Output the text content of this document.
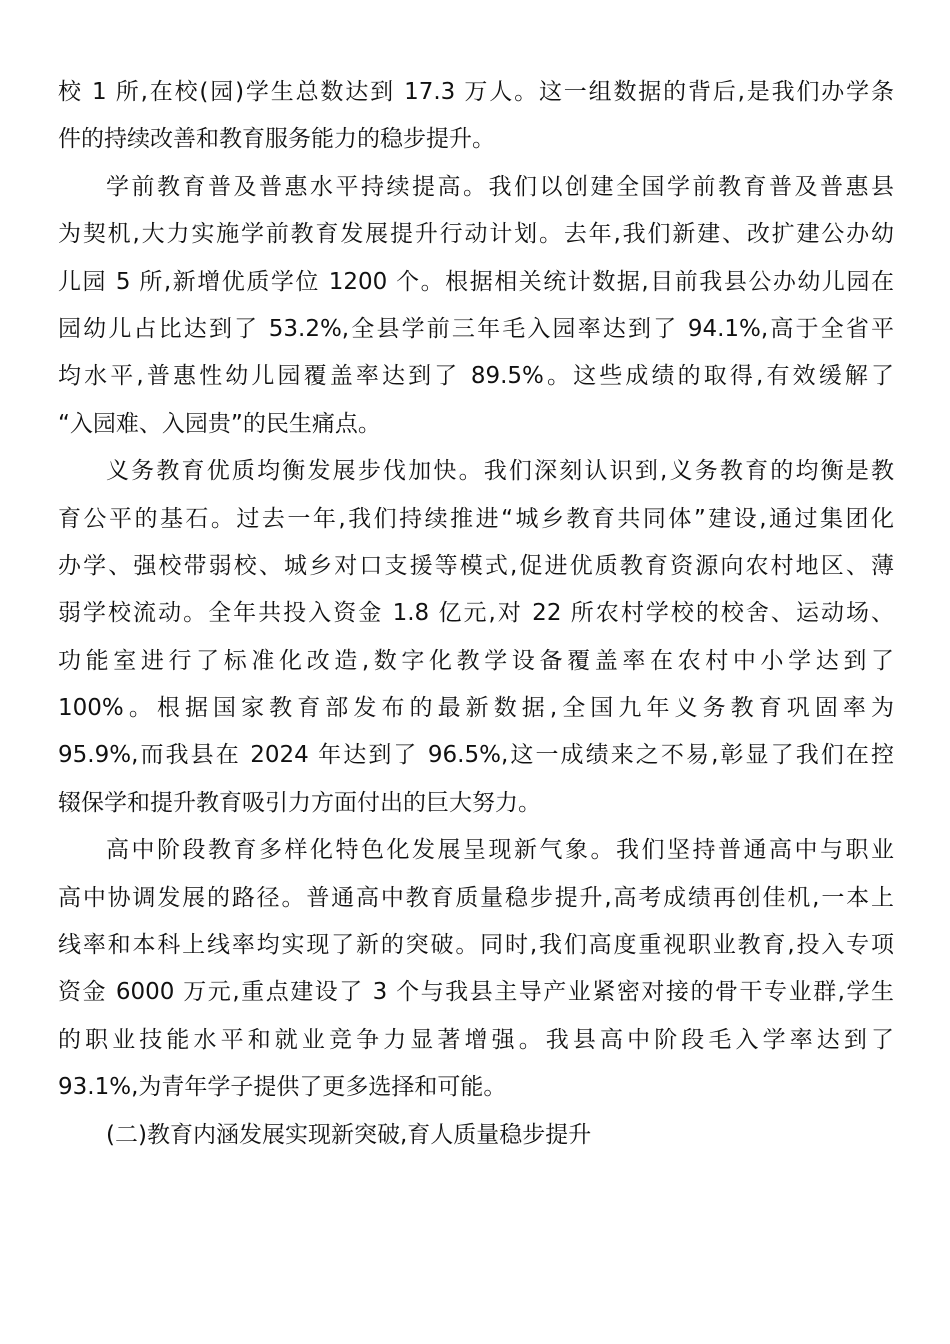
校 1 所,在校(园)学生总数达到 17.3 万人。这一组数据的背后,是我们办学条
件的持续改善和教育服务能力的稳步提升。
学前教育普及普惠水平持续提高。我们以创建全国学前教育普及普惠县
为契机,大力实施学前教育发展提升行动计划。去年,我们新建、改扩建公办幼
儿园 5 所,新增优质学位 1200 个。根据相关统计数据,目前我县公办幼儿园在
园幼儿占比达到了 53.2%,全县学前三年毛入园率达到了 94.1%,高于全省平
均水平,普惠性幼儿园覆盖率达到了 89.5%。这些成绩的取得,有效缓解了
“入园难、入园贵”的民生痛点。
义务教育优质均衡发展步伐加快。我们深刻认识到,义务教育的均衡是教
育公平的基石。过去一年,我们持续推进“城乡教育共同体”建设,通过集团化
办学、强校带弱校、城乡对口支援等模式,促进优质教育资源向农村地区、薄
弱学校流动。全年共投入资金 1.8 亿元,对 22 所农村学校的校舍、运动场、
功能室进行了标准化改造,数字化教学设备覆盖率在农村中小学达到了
100%。根据国家教育部发布的最新数据,全国九年义务教育巩固率为
95.9%,而我县在 2024 年达到了 96.5%,这一成绩来之不易,彰显了我们在控
辍保学和提升教育吸引力方面付出的巨大努力。
高中阶段教育多样化特色化发展呈现新气象。我们坚持普通高中与职业
高中协调发展的路径。普通高中教育质量稳步提升,高考成绩再创佳机,一本上
线率和本科上线率均实现了新的突破。同时,我们高度重视职业教育,投入专项
资金 6000 万元,重点建设了 3 个与我县主导产业紧密对接的骨干专业群,学生
的职业技能水平和就业竞争力显著增强。我县高中阶段毛入学率达到了
93.1%,为青年学子提供了更多选择和可能。
(二)教育内涵发展实现新突破,育人质量稳步提升
